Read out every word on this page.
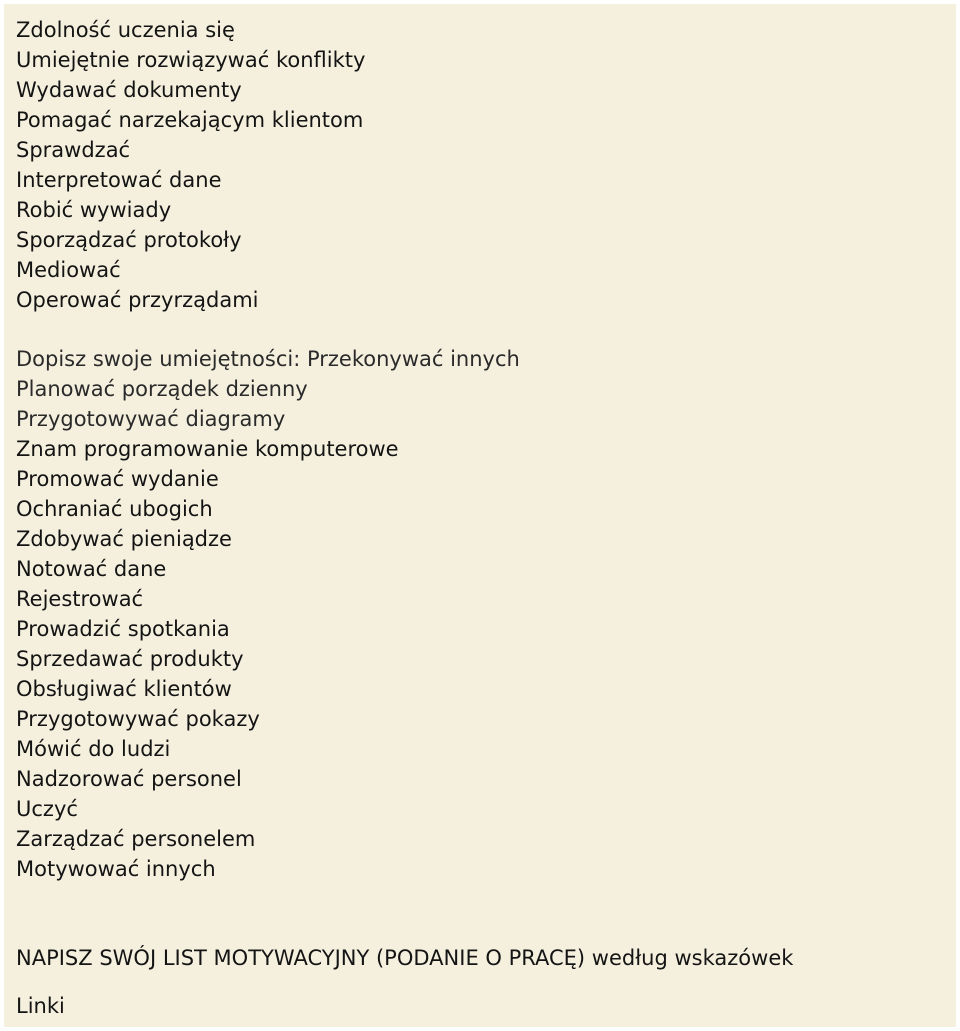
Zdolność uczenia się

Umiejętnie rozwiązywać konflikty

Wydawać dokumenty

Pomagać narzekającym klientom

Sprawdzać

Interpretować dane

Robić wywiady

Sporządzać protokoły

Mediować

Operować przyrządami

Dopisz swoje umiejętności: Przekonywać innych

Planować porządek dzienny

Przygotowywać diagramy

Znam programowanie komputerowe

Promować wydanie

Ochraniać ubogich

Zdobywać pieniądze

Notować dane

Rejestrować

Prowadzić spotkania

Sprzedawać produkty

Obsługiwać klientów

Przygotowywać pokazy

Mówić do ludzi

Nadzorować personel

Uczyć

Zarządzać personelem

Motywować innych

NAPISZ SWÓJ LIST MOTYWACYJNY (PODANIE O PRACĘ) według wskazówek

Linki
